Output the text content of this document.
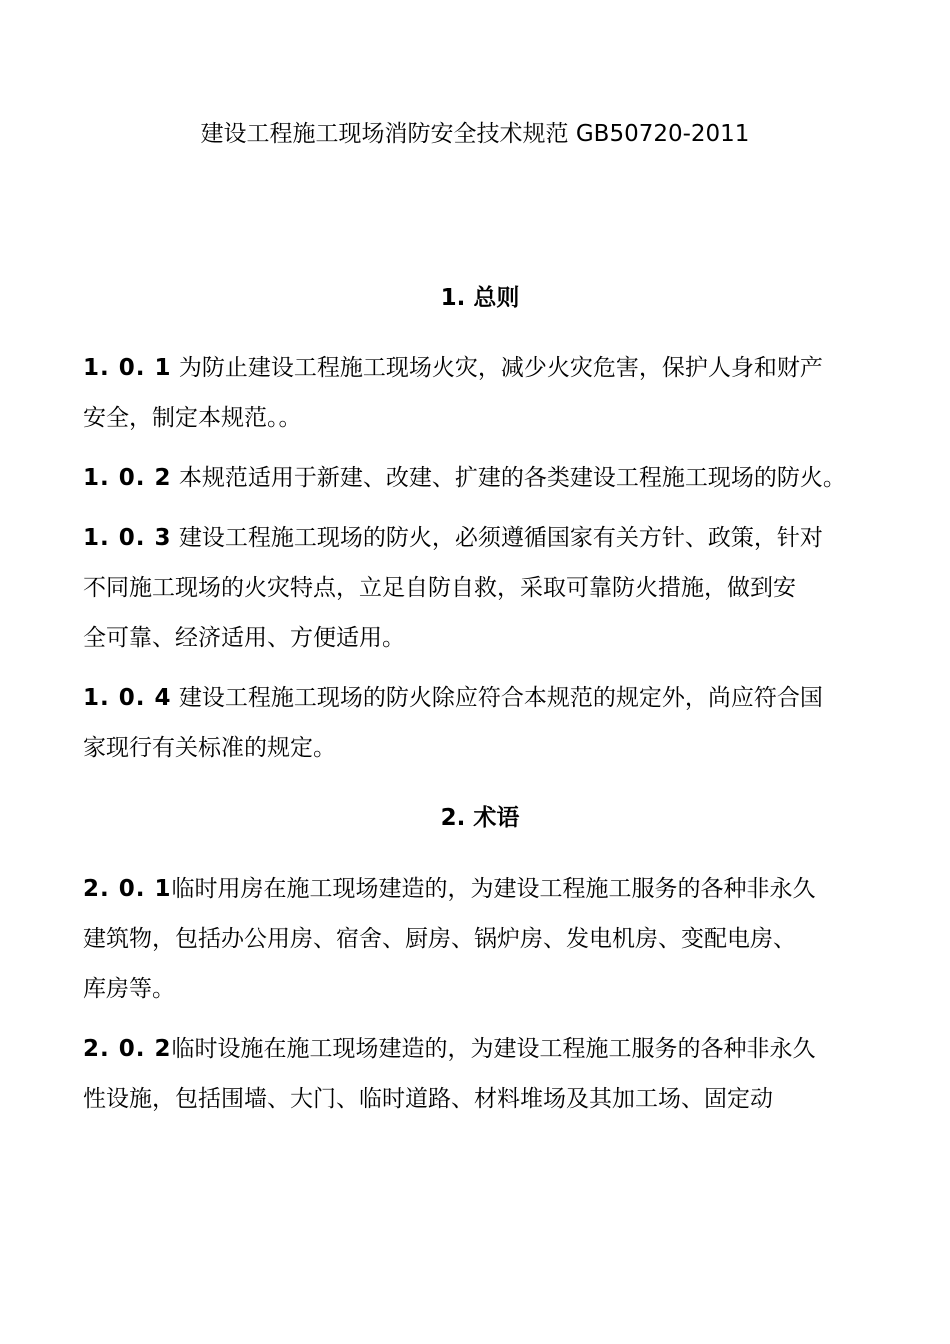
建设工程施工现场消防安全技术规范 GB50720-2011
1. 总则
1. 0. 1 为防止建设工程施工现场火灾，减少火灾危害，保护人身和财产
安全，制定本规范。。
1. 0. 2 本规范适用于新建、改建、扩建的各类建设工程施工现场的防火。
1. 0. 3 建设工程施工现场的防火，必须遵循国家有关方针、政策，针对
不同施工现场的火灾特点，立足自防自救，采取可靠防火措施，做到安
全可靠、经济适用、方便适用。
1. 0. 4 建设工程施工现场的防火除应符合本规范的规定外，尚应符合国
家现行有关标准的规定。
2. 术语
2. 0. 1临时用房在施工现场建造的，为建设工程施工服务的各种非永久
建筑物，包括办公用房、宿舍、厨房、锅炉房、发电机房、变配电房、
库房等。
2. 0. 2临时设施在施工现场建造的，为建设工程施工服务的各种非永久
性设施，包括围墙、大门、临时道路、材料堆场及其加工场、固定动
